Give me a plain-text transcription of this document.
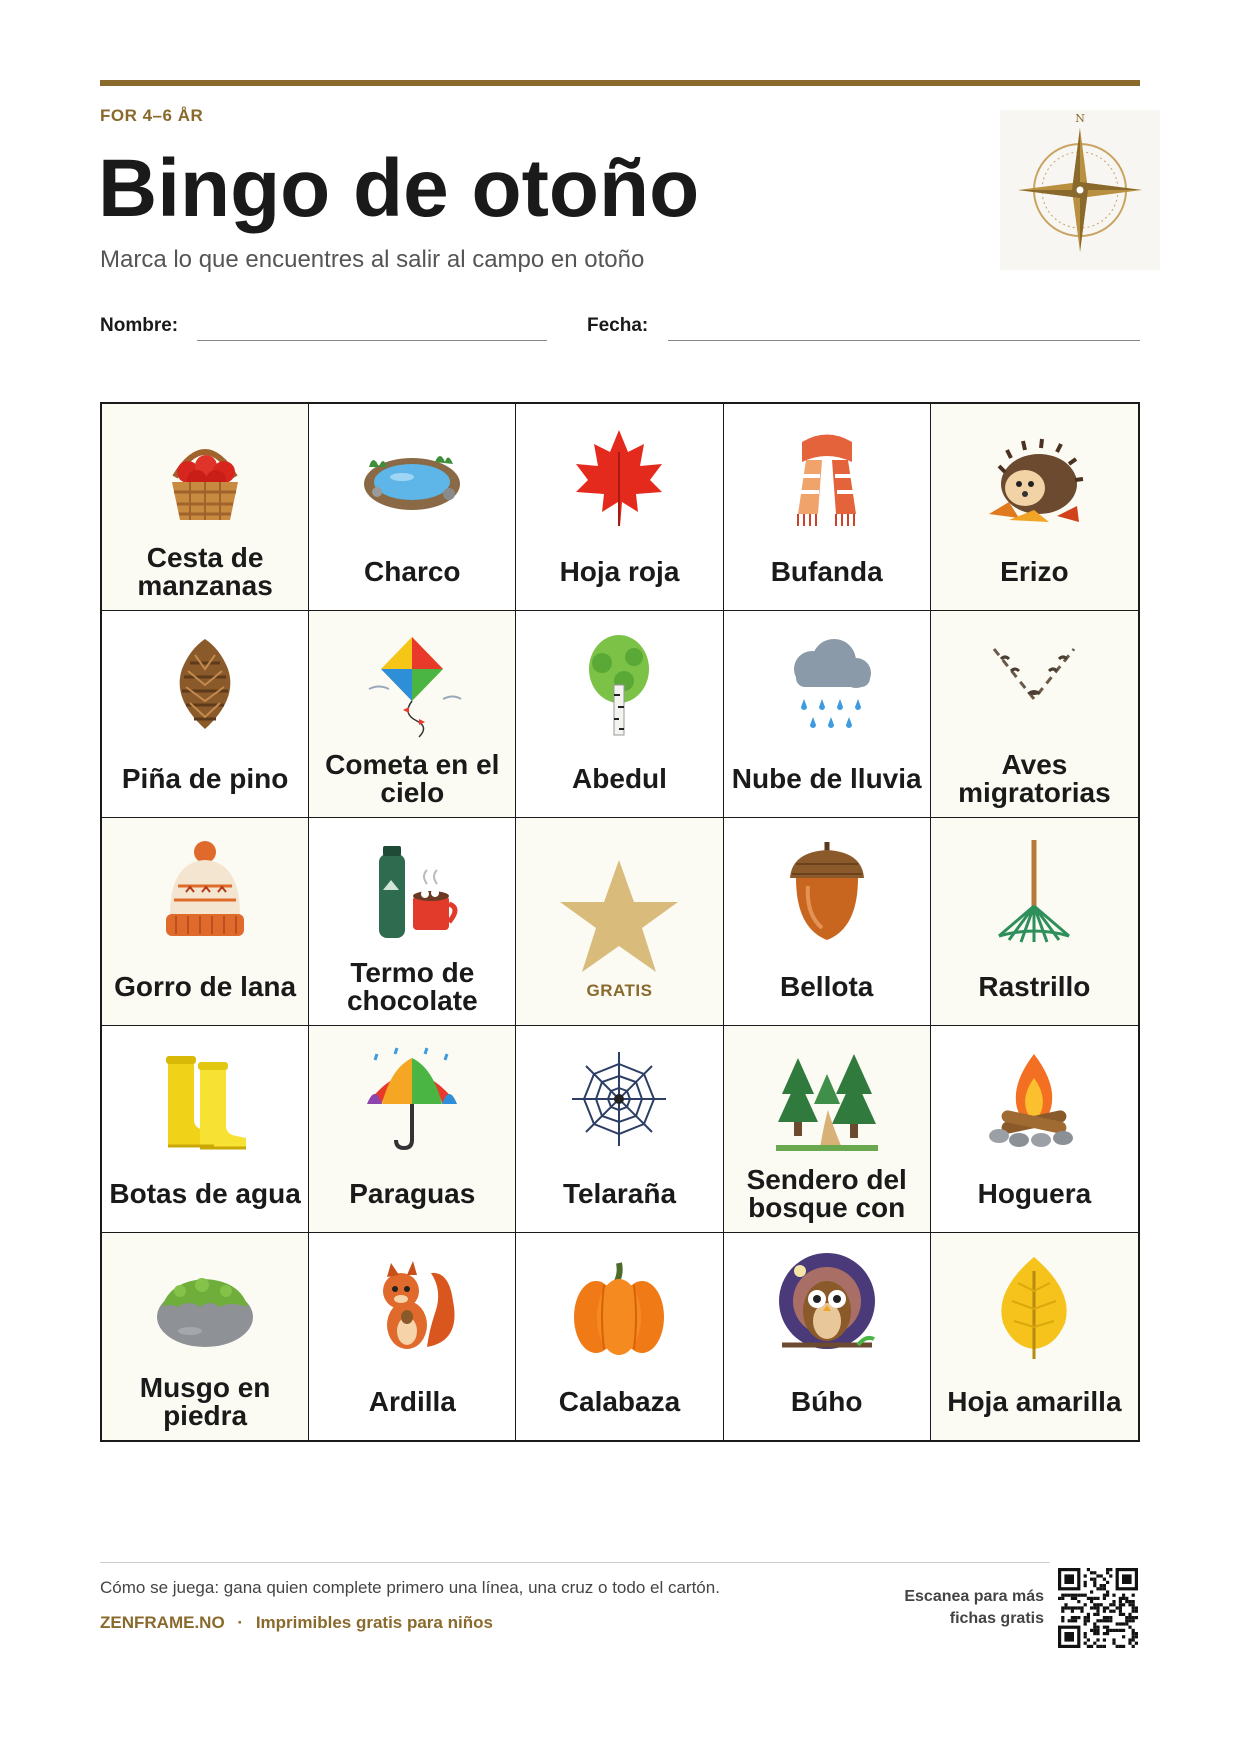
FOR 4–6 ÅR
Bingo de otoño
Marca lo que encuentres al salir al campo en otoño
N
Nombre:	Fecha:
Cesta de manzanas	Charco	Hoja roja	Bufanda	Erizo
Piña de pino	Cometa en el cielo	Abedul	Nube de lluvia	Aves migratorias
Gorro de lana	Termo de chocolate	GRATIS	Bellota	Rastrillo
Botas de agua	Paraguas	Telaraña	Sendero del bosque con	Hoguera
Musgo en piedra	Ardilla	Calabaza	Búho	Hoja amarilla
Cómo se juega: gana quien complete primero una línea, una cruz o todo el cartón.
ZENFRAME.NO · Imprimibles gratis para niños
Escanea para más
fichas gratis
